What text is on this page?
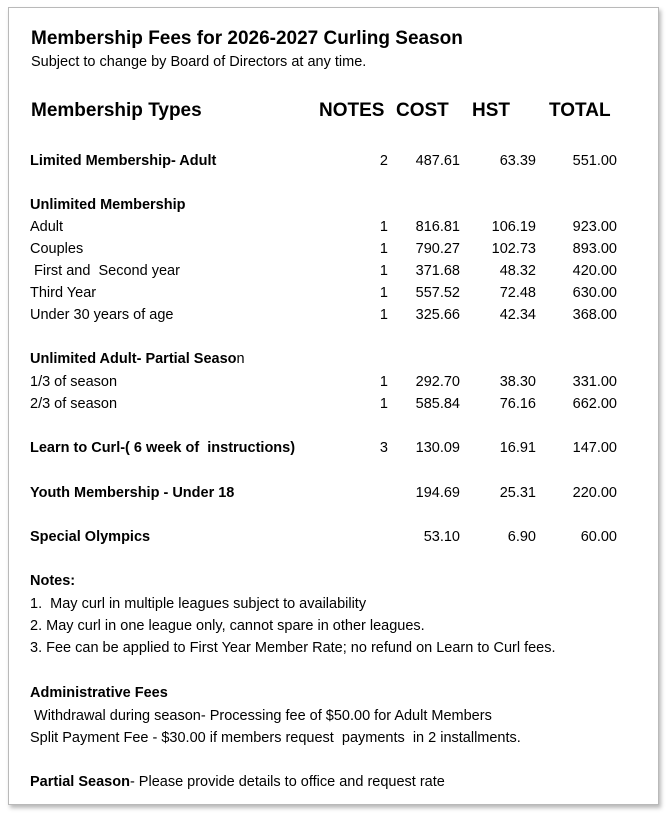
Membership Fees for 2026-2027 Curling Season
Subject to change by Board of Directors at any time.
Membership Types	NOTES COST HST TOTAL
Limited Membership- Adult	2 487.61	63.39	551.00
Unlimited Membership
Adult	1 816.81 106.19	923.00
Couples	1 790.27 102.73	893.00
First and  Second year	1 371.68	48.32	420.00
Third Year	1 557.52	72.48	630.00
Under 30 years of age	1 325.66	42.34	368.00
Unlimited Adult- Partial Season
1/3 of season	1 292.70	38.30	331.00
2/3 of season	1 585.84	76.16	662.00
Learn to Curl-( 6 week of  instructions)	3 130.09	16.91	147.00
Youth Membership - Under 18	194.69	25.31	220.00
Special Olympics	53.10	6.90	60.00
Notes:
1.  May curl in multiple leagues subject to availability
2. May curl in one league only, cannot spare in other leagues.
3. Fee can be applied to First Year Member Rate; no refund on Learn to Curl fees.
Administrative Fees
Withdrawal during season- Processing fee of $50.00 for Adult Members
Split Payment Fee - $30.00 if members request  payments  in 2 installments.
Partial Season- Please provide details to office and request rate
